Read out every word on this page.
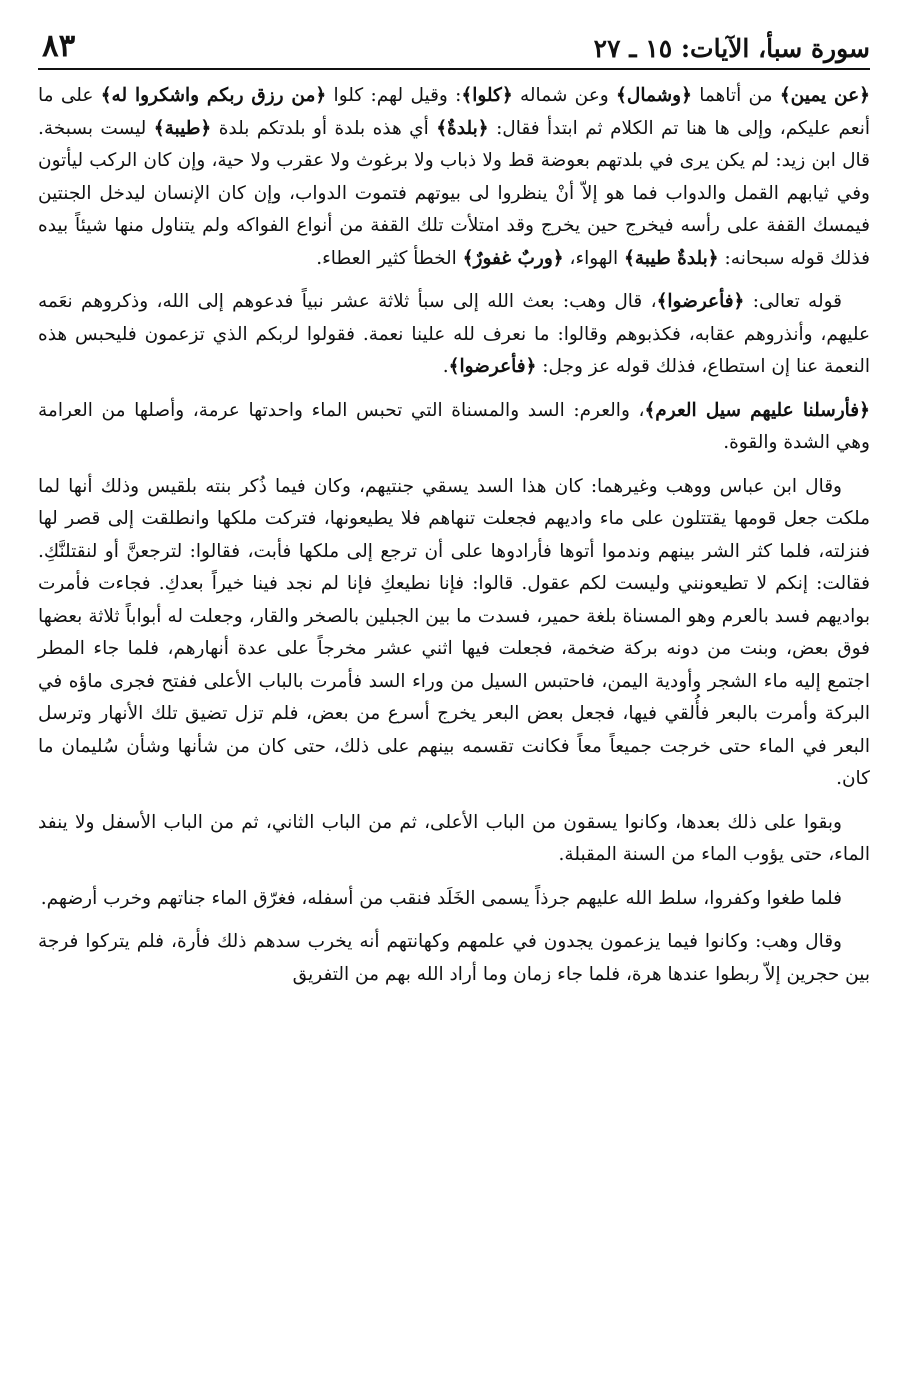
سورة سبأ، الآيات: ١٥ ـ ٢٧
٨٣

﴿عن يمين﴾ من أتاهما ﴿وشمال﴾ وعن شماله ﴿كلوا﴾: وقيل لهم: كلوا ﴿من رزق ربكم واشكروا له﴾ على ما أنعم عليكم، وإلى ها هنا تم الكلام ثم ابتدأ فقال: ﴿بلدةٌ﴾ أي هذه بلدة أو بلدتكم بلدة ﴿طيبة﴾ ليست بسبخة. قال ابن زيد: لم يكن يرى في بلدتهم بعوضة قط ولا ذباب ولا برغوث ولا عقرب ولا حية، وإن كان الركب ليأتون وفي ثيابهم القمل والدواب فما هو إلاّ أنْ ينظروا لى بيوتهم فتموت الدواب، وإن كان الإنسان ليدخل الجنتين فيمسك القفة على رأسه فيخرج حين يخرج وقد امتلأت تلك القفة من أنواع الفواكه ولم يتناول منها شيئاً بيده فذلك قوله سبحانه: ﴿بلدةٌ طيبة﴾ الهواء، ﴿وربٌ غفورٌ﴾ الخطأ كثير العطاء.

قوله تعالى: ﴿فأعرضوا﴾، قال وهب: بعث الله إلى سبأ ثلاثة عشر نبياً فدعوهم إلى الله، وذكروهم نعَمه عليهم، وأنذروهم عقابه، فكذبوهم وقالوا: ما نعرف لله علينا نعمة. فقولوا لربكم الذي تزعمون فليحبس هذه النعمة عنا إن استطاع، فذلك قوله عز وجل: ﴿فأعرضوا﴾.

﴿فأرسلنا عليهم سيل العرم﴾، والعرم: السد والمسناة التي تحبس الماء واحدتها عرمة، وأصلها من العرامة وهي الشدة والقوة.

وقال ابن عباس ووهب وغيرهما: كان هذا السد يسقي جنتيهم، وكان فيما ذُكر بنته بلقيس وذلك أنها لما ملكت جعل قومها يقتتلون على ماء واديهم فجعلت تنهاهم فلا يطيعونها، فتركت ملكها وانطلقت إلى قصر لها فنزلته، فلما كثر الشر بينهم وندموا أتوها فأرادوها على أن ترجع إلى ملكها فأبت، فقالوا: لترجعنَّ أو لنقتلنَّكِ. فقالت: إنكم لا تطيعونني وليست لكم عقول. قالوا: فإنا نطيعكِ فإنا لم نجد فينا خيراً بعدكِ. فجاءت فأمرت بواديهم فسد بالعرم وهو المسناة بلغة حمير، فسدت ما بين الجبلين بالصخر والقار، وجعلت له أبواباً ثلاثة بعضها فوق بعض، وبنت من دونه بركة ضخمة، فجعلت فيها اثني عشر مخرجاً على عدة أنهارهم، فلما جاء المطر اجتمع إليه ماء الشجر وأودية اليمن، فاحتبس السيل من وراء السد فأمرت بالباب الأعلى ففتح فجرى ماؤه في البركة وأمرت بالبعر فأُلقي فيها، فجعل بعض البعر يخرج أسرع من بعض، فلم تزل تضيق تلك الأنهار وترسل البعر في الماء حتى خرجت جميعاً معاً فكانت تقسمه بينهم على ذلك، حتى كان من شأنها وشأن سُليمان ما كان.

وبقوا على ذلك بعدها، وكانوا يسقون من الباب الأعلى، ثم من الباب الثاني، ثم من الباب الأسفل ولا ينفد الماء، حتى يؤوب الماء من السنة المقبلة.

فلما طغوا وكفروا، سلط الله عليهم جرذاً يسمى الخَلَد فنقب من أسفله، فغرّق الماء جناتهم وخرب أرضهم.

وقال وهب: وكانوا فيما يزعمون يجدون في علمهم وكهانتهم أنه يخرب سدهم ذلك فأرة، فلم يتركوا فرجة بين حجرين إلاّ ربطوا عندها هرة، فلما جاء زمان وما أراد الله بهم من التفريق
